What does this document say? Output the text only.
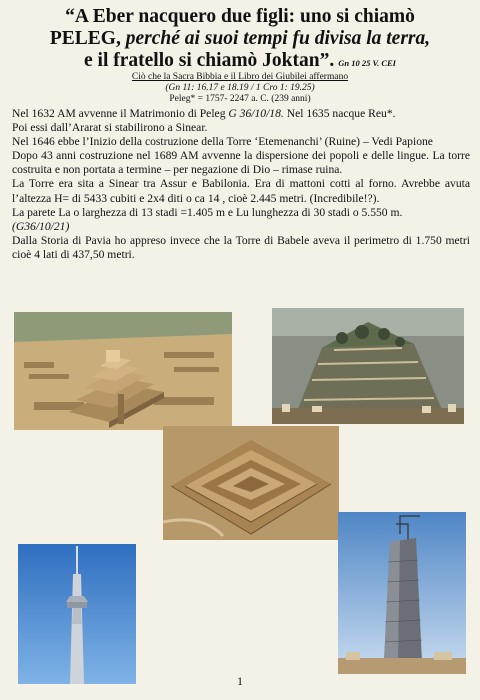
“A Eber nacquero due figli: uno si chiamò
PELEG, perché ai suoi tempi fu divisa la terra,
e il fratello si chiamò Joktan”. Gn 10 25 V. CEI
Ciò che la Sacra Bibbia e il Libro dei Giubilei affermano
(Gn 11: 16.17 e 18.19 / 1 Cro 1: 19.25)
Peleg* = 1757- 2247 a. C. (239 anni)

Nel 1632 AM avvenne il Matrimonio di Peleg G 36/10/18. Nel 1635 nacque Reu*.

Poi essi dall’Ararat si stabilirono a Sinear.

Nel 1646 ebbe l’Inizio della costruzione della Torre ‘Etemenanchi’ (Ruine) – Vedi Papione

Dopo 43 anni costruzione nel 1689 AM avvenne la dispersione dei popoli e delle lingue. La torre costruita e non portata a termine – per negazione di Dio – rimase ruina.

La Torre era sita a Sinear tra Assur e Babilonia. Era di mattoni cotti al forno. Avrebbe avuta l’altezza H= di 5433 cubiti e 2x4 diti o ca 14 , cioè 2.445 metri. (Incredibile!?).

La parete La o larghezza di 13 stadi =1.405 m e Lu lunghezza di 30 stadi o 5.550 m.

(G36/10/21)

Dalla Storia di Pavia ho appreso invece che la Torre di Babele aveva il perimetro di 1.750 metri cioè 4 lati di 437,50 metri.

1
